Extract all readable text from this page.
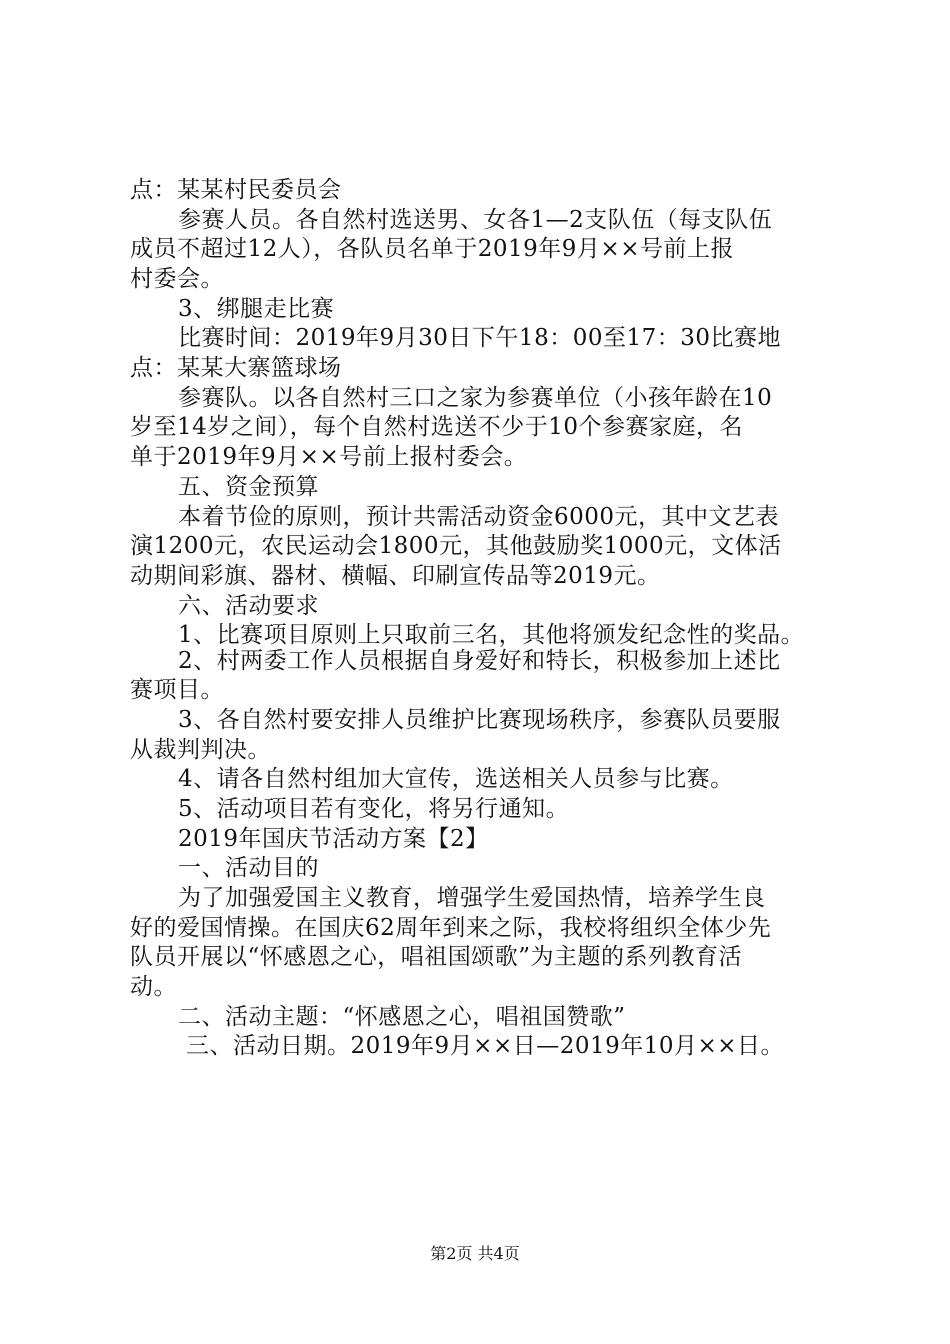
点：某某村民委员会
参赛人员。各自然村选送男、女各1—2支队伍（每支队伍
成员不超过12人），各队员名单于2019年9月××号前上报
村委会。
3、绑腿走比赛
比赛时间：2019年9月30日下午18：00至17：30比赛地
点：某某大寨篮球场
参赛队。以各自然村三口之家为参赛单位（小孩年龄在10
岁至14岁之间），每个自然村选送不少于10个参赛家庭，名
单于2019年9月××号前上报村委会。
五、资金预算
本着节俭的原则，预计共需活动资金6000元，其中文艺表
演1200元，农民运动会1800元，其他鼓励奖1000元，文体活
动期间彩旗、器材、横幅、印刷宣传品等2019元。
六、活动要求
1、比赛项目原则上只取前三名，其他将颁发纪念性的奖品。
2、村两委工作人员根据自身爱好和特长，积极参加上述比
赛项目。
3、各自然村要安排人员维护比赛现场秩序，参赛队员要服
从裁判判决。
4、请各自然村组加大宣传，选送相关人员参与比赛。
5、活动项目若有变化，将另行通知。
2019年国庆节活动方案【2】
一、活动目的
为了加强爱国主义教育，增强学生爱国热情，培养学生良
好的爱国情操。在国庆62周年到来之际，我校将组织全体少先
队员开展以“怀感恩之心，唱祖国颂歌”为主题的系列教育活
动。
二、活动主题：“怀感恩之心，唱祖国赞歌”
三、活动日期。2019年9月××日—2019年10月××日。
第2页 共4页
